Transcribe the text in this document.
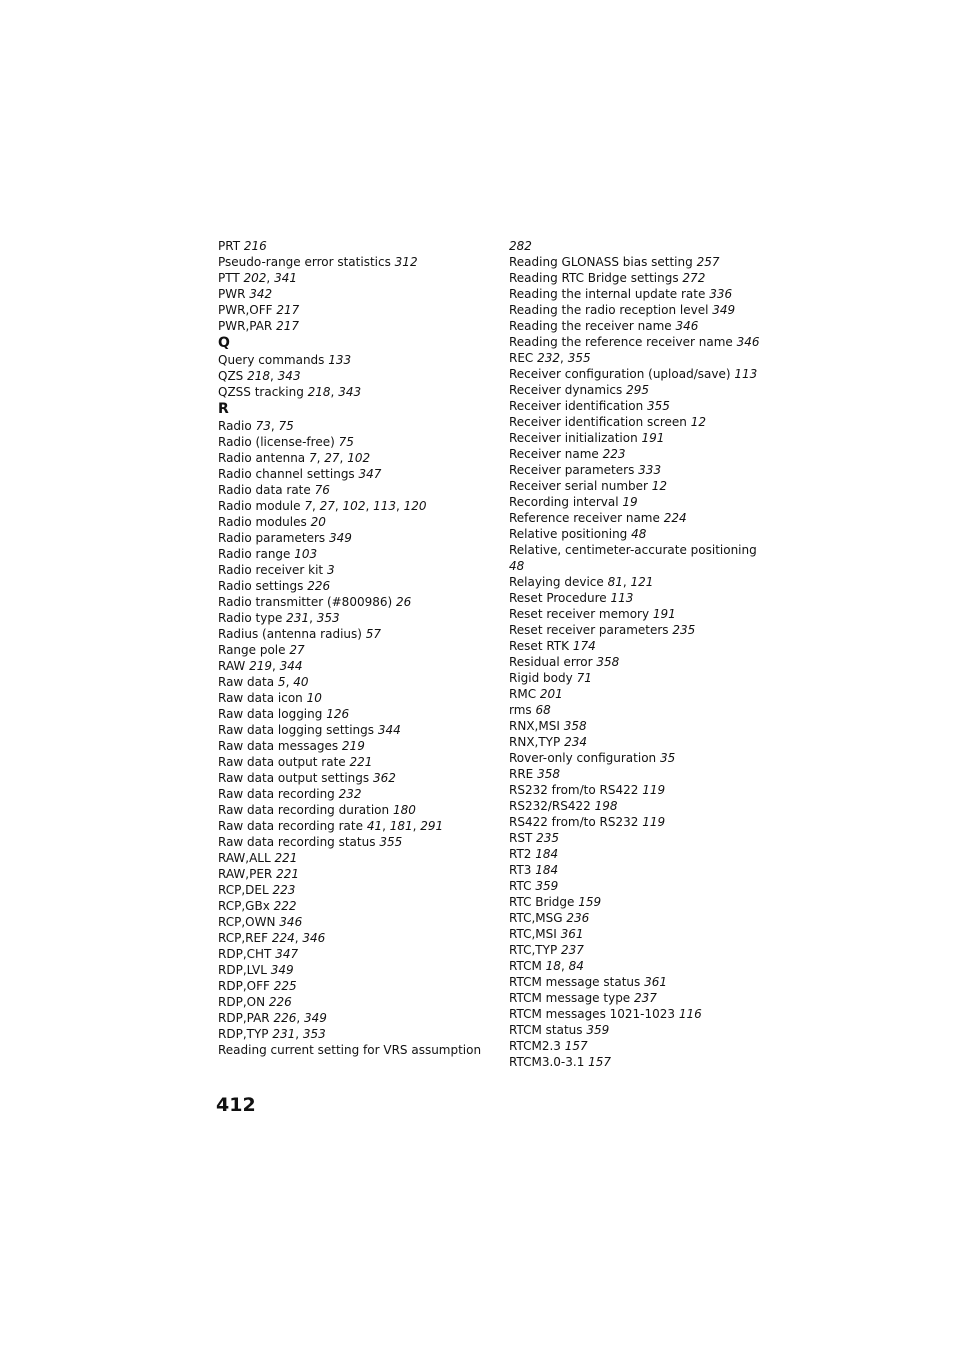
PRT 216
Pseudo-range error statistics 312
PTT 202, 341
PWR 342
PWR,OFF 217
PWR,PAR 217
Q
Query commands 133
QZS 218, 343
QZSS tracking 218, 343
R
Radio 73, 75
Radio (license-free) 75
Radio antenna 7, 27, 102
Radio channel settings 347
Radio data rate 76
Radio module 7, 27, 102, 113, 120
Radio modules 20
Radio parameters 349
Radio range 103
Radio receiver kit 3
Radio settings 226
Radio transmitter (#800986) 26
Radio type 231, 353
Radius (antenna radius) 57
Range pole 27
RAW 219, 344
Raw data 5, 40
Raw data icon 10
Raw data logging 126
Raw data logging settings 344
Raw data messages 219
Raw data output rate 221
Raw data output settings 362
Raw data recording 232
Raw data recording duration 180
Raw data recording rate 41, 181, 291
Raw data recording status 355
RAW,ALL 221
RAW,PER 221
RCP,DEL 223
RCP,GBx 222
RCP,OWN 346
RCP,REF 224, 346
RDP,CHT 347
RDP,LVL 349
RDP,OFF 225
RDP,ON 226
RDP,PAR 226, 349
RDP,TYP 231, 353
Reading current setting for VRS assumption
282
Reading GLONASS bias setting 257
Reading RTC Bridge settings 272
Reading the internal update rate 336
Reading the radio reception level 349
Reading the receiver name 346
Reading the reference receiver name 346
REC 232, 355
Receiver configuration (upload/save) 113
Receiver dynamics 295
Receiver identification 355
Receiver identification screen 12
Receiver initialization 191
Receiver name 223
Receiver parameters 333
Receiver serial number 12
Recording interval 19
Reference receiver name 224
Relative positioning 48
Relative, centimeter-accurate positioning
48
Relaying device 81, 121
Reset Procedure 113
Reset receiver memory 191
Reset receiver parameters 235
Reset RTK 174
Residual error 358
Rigid body 71
RMC 201
rms 68
RNX,MSI 358
RNX,TYP 234
Rover-only configuration 35
RRE 358
RS232 from/to RS422 119
RS232/RS422 198
RS422 from/to RS232 119
RST 235
RT2 184
RT3 184
RTC 359
RTC Bridge 159
RTC,MSG 236
RTC,MSI 361
RTC,TYP 237
RTCM 18, 84
RTCM message status 361
RTCM message type 237
RTCM messages 1021-1023 116
RTCM status 359
RTCM2.3 157
RTCM3.0-3.1 157
412
